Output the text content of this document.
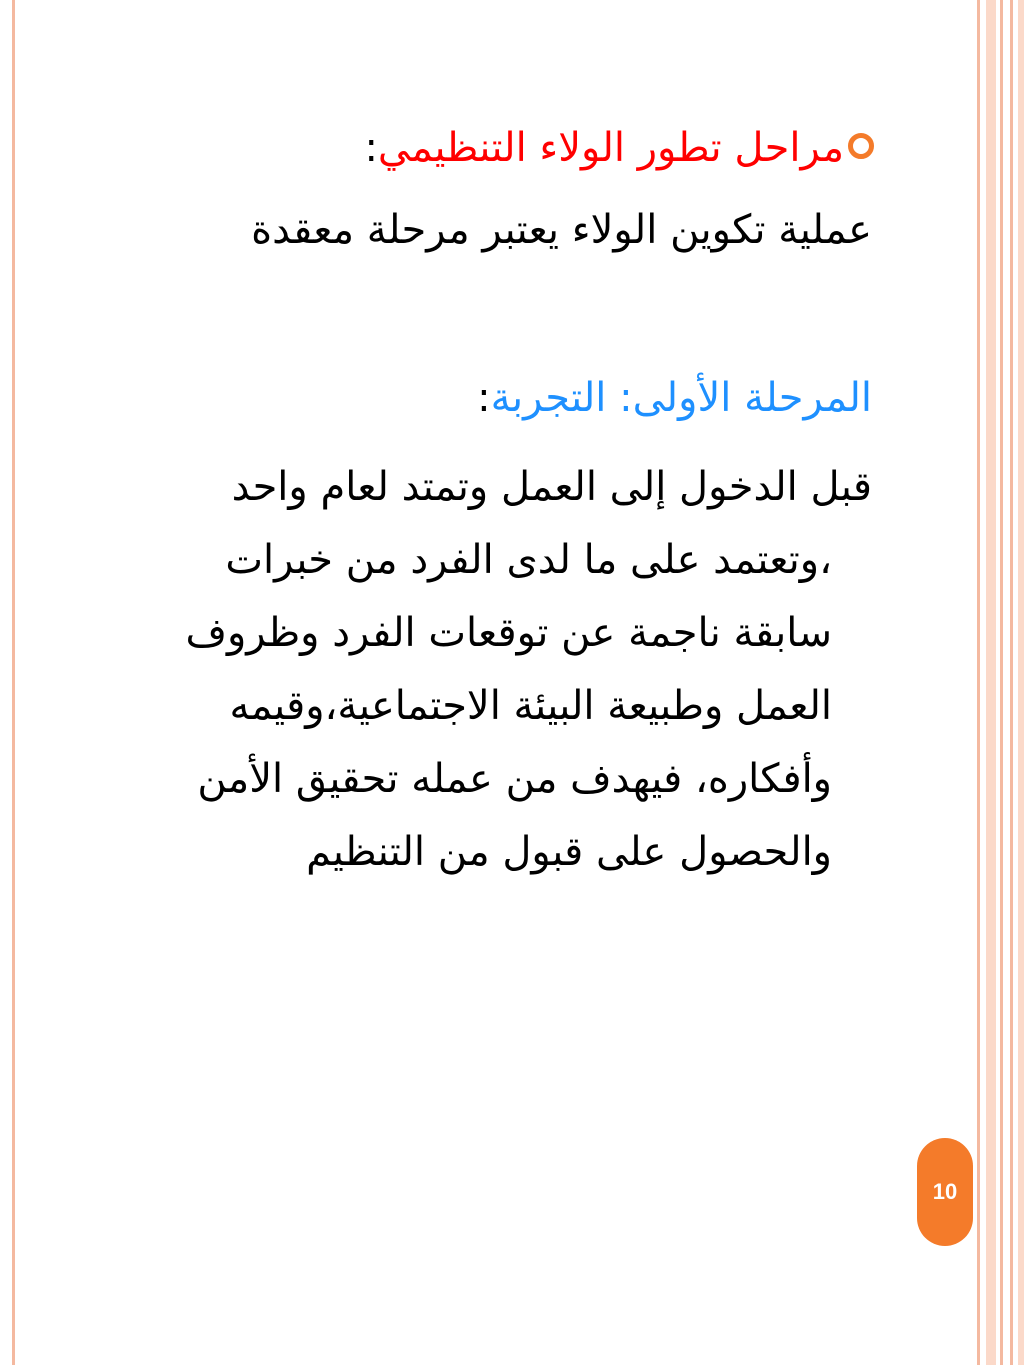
مراحل تطور الولاء التنظيمي:
عملية تكوين الولاء يعتبر مرحلة معقدة
المرحلة الأولى: التجربة:
قبل الدخول إلى العمل وتمتد لعام واحد
،وتعتمد على ما لدى الفرد من خبرات
سابقة ناجمة عن توقعات الفرد وظروف
العمل وطبيعة البيئة الاجتماعية،وقيمه
وأفكاره، فيهدف من عمله تحقيق الأمن
والحصول على قبول من التنظيم
10
